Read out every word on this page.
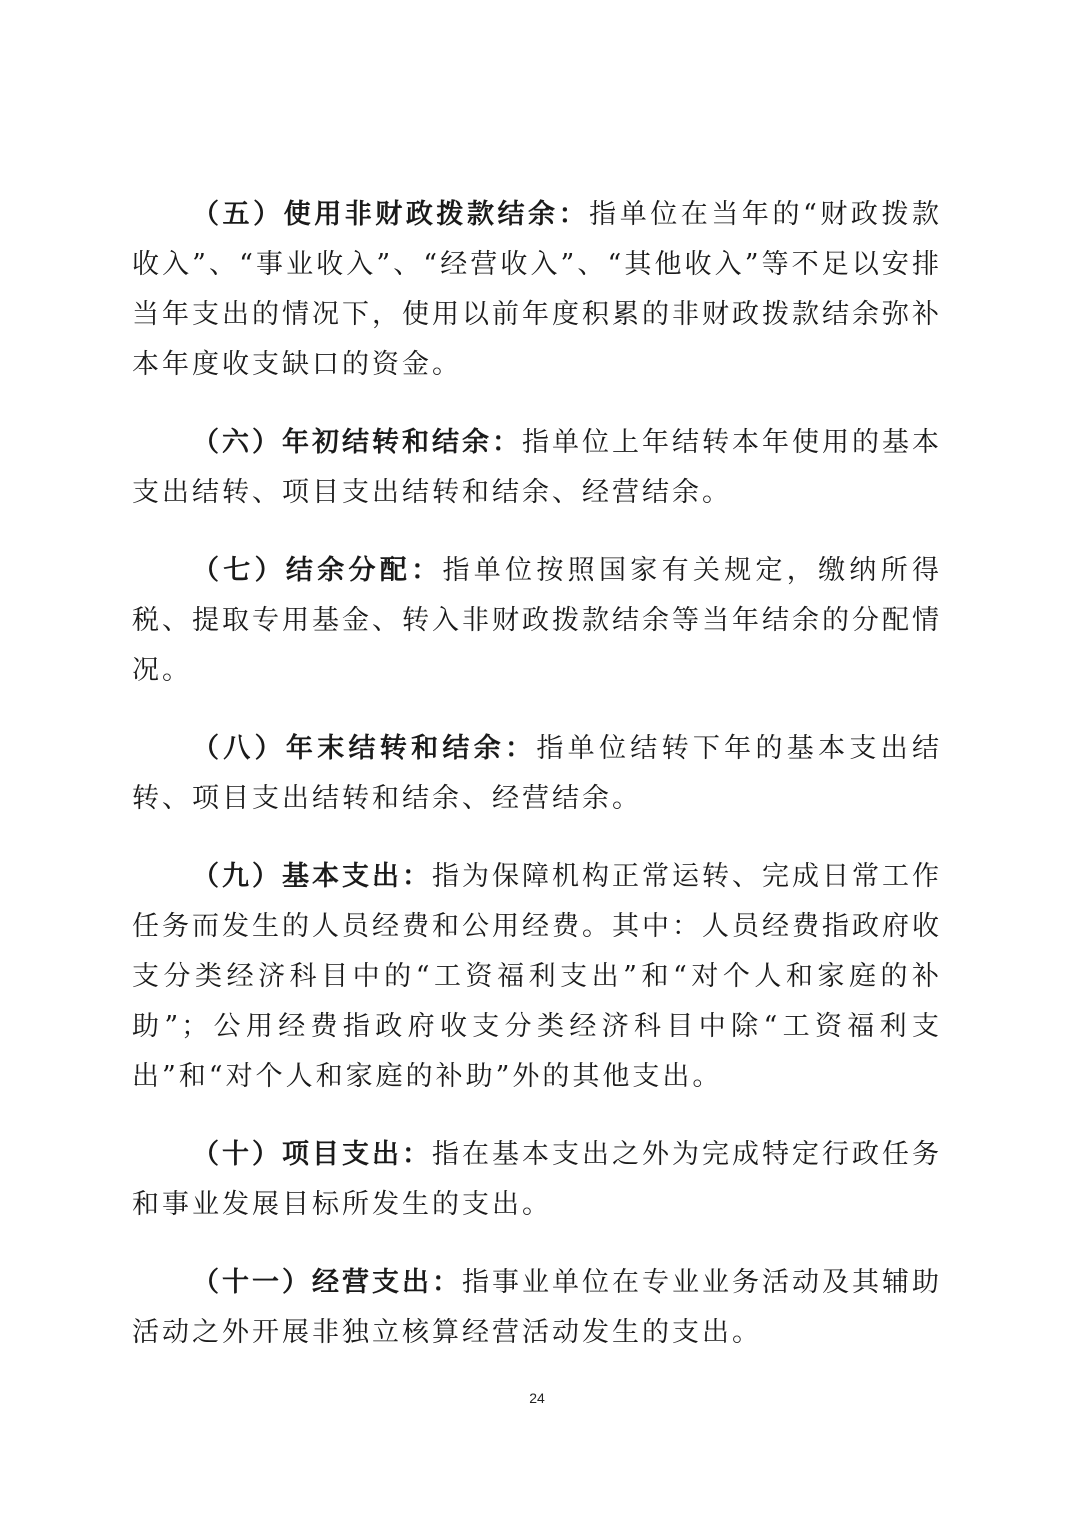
（五）使用非财政拨款结余：指单位在当年的“财政拨款收入”、“事业收入”、“经营收入”、“其他收入”等不足以安排当年支出的情况下，使用以前年度积累的非财政拨款结余弥补本年度收支缺口的资金。

（六）年初结转和结余：指单位上年结转本年使用的基本支出结转、项目支出结转和结余、经营结余。

（七）结余分配：指单位按照国家有关规定，缴纳所得税、提取专用基金、转入非财政拨款结余等当年结余的分配情况。

（八）年末结转和结余：指单位结转下年的基本支出结转、项目支出结转和结余、经营结余。

（九）基本支出：指为保障机构正常运转、完成日常工作任务而发生的人员经费和公用经费。其中：人员经费指政府收支分类经济科目中的“工资福利支出”和“对个人和家庭的补助”；公用经费指政府收支分类经济科目中除“工资福利支出”和“对个人和家庭的补助”外的其他支出。

（十）项目支出：指在基本支出之外为完成特定行政任务和事业发展目标所发生的支出。

（十一）经营支出：指事业单位在专业业务活动及其辅助活动之外开展非独立核算经营活动发生的支出。

24
